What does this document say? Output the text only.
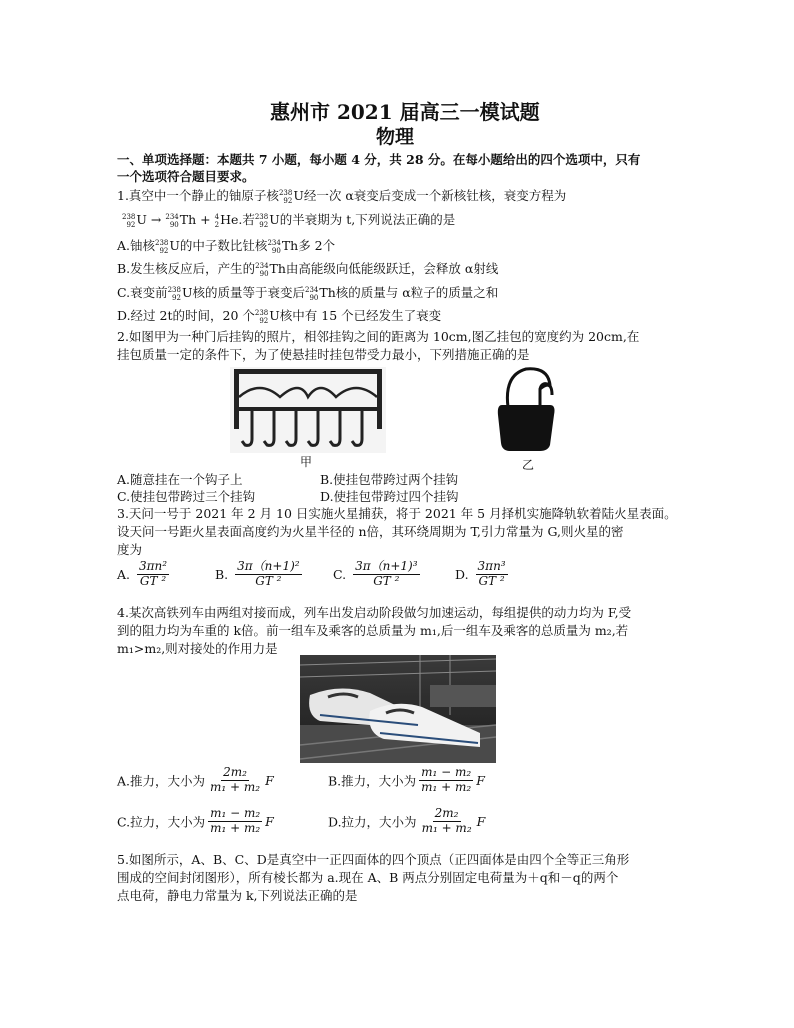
惠州市 2021 届高三一模试题
物理
一、单项选择题：本题共 7 小题，每小题 4 分，共 28 分。在每小题给出的四个选项中，只有
一个选项符合题目要求。
1.真空中一个静止的铀原子核 238
92 U经一次 α衰变后变成一个新核钍核，衰变方程为
238
92 U → 234
90 Th + 4
2 He.若 238
92 U的半衰期为 t,下列说法正确的是
A.铀核 238
92 U的中子数比钍核 234
90 Th多 2个
B.发生核反应后，产生的 234
90 Th由高能级向低能级跃迁，会释放 α射线
C.衰变前 238
92 U核的质量等于衰变后 234
90 Th核的质量与 α粒子的质量之和
D.经过 2t的时间，20 个 238
92 U核中有 15 个已经发生了衰变
2.如图甲为一种门后挂钩的照片，相邻挂钩之间的距离为 10cm,图乙挂包的宽度约为 20cm,在
挂包质量一定的条件下，为了使悬挂时挂包带受力最小，下列措施正确的是
甲	乙
A.随意挂在一个钩子上	B.使挂包带跨过两个挂钩
C.使挂包带跨过三个挂钩	D.使挂包带跨过四个挂钩
3.天问一号于 2021 年 2 月 10 日实施火星捕获，将于 2021 年 5 月择机实施降轨软着陆火星表面。
设天问一号距火星表面高度约为火星半径的 n倍，其环绕周期为 T,引力常量为 G,则火星的密
度为
A. $\frac{\text{3πn²}}{\text{GT ²}}$	B. $\frac{\text{3π（n+1)²}}{\text{GT ²}}$	C. $\frac{\text{3π（n+1)³}}{\text{GT ²}}$	D. $\frac{\text{3πn³}}{\text{GT ²}}$
4.某次高铁列车由两组对接而成，列车出发启动阶段做匀加速运动，每组提供的动力均为 F,受
到的阻力均为车重的 k倍。前一组车及乘客的总质量为 m₁,后一组车及乘客的总质量为 m₂,若
m₁>m₂,则对接处的作用力是
A.推力，大小为 $\frac{\text{2m₂}}{\text{m₁ + m₂}}$ F	B.推力，大小为 $\frac{\text{m₁ − m₂}}{\text{m₁ + m₂}}$ F
C.拉力，大小为 $\frac{\text{m₁ − m₂}}{\text{m₁ + m₂}}$ F	D.拉力，大小为 $\frac{\text{2m₂}}{\text{m₁ + m₂}}$ F
5.如图所示，A、B、C、D是真空中一正四面体的四个顶点（正四面体是由四个全等正三角形
围成的空间封闭图形），所有棱长都为 a.现在 A、B 两点分别固定电荷量为＋q和－q的两个
点电荷，静电力常量为 k,下列说法正确的是
